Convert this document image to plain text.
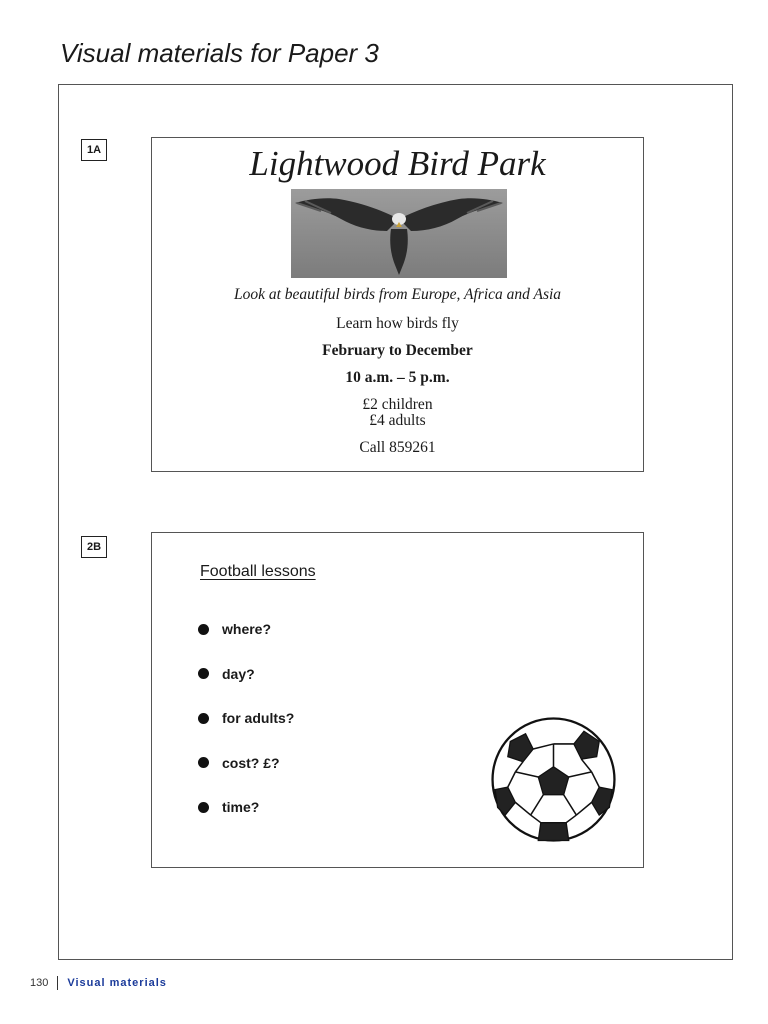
Visual materials for Paper 3
1A	Lightwood Bird Park
Look at beautiful birds from Europe, Africa and Asia
Learn how birds fly
February to December
10 a.m. – 5 p.m.
£2 children
£4 adults
Call 859261
2B
Football lessons
where?
day?
for adults?
cost? £?
time?
130 Visual materials
